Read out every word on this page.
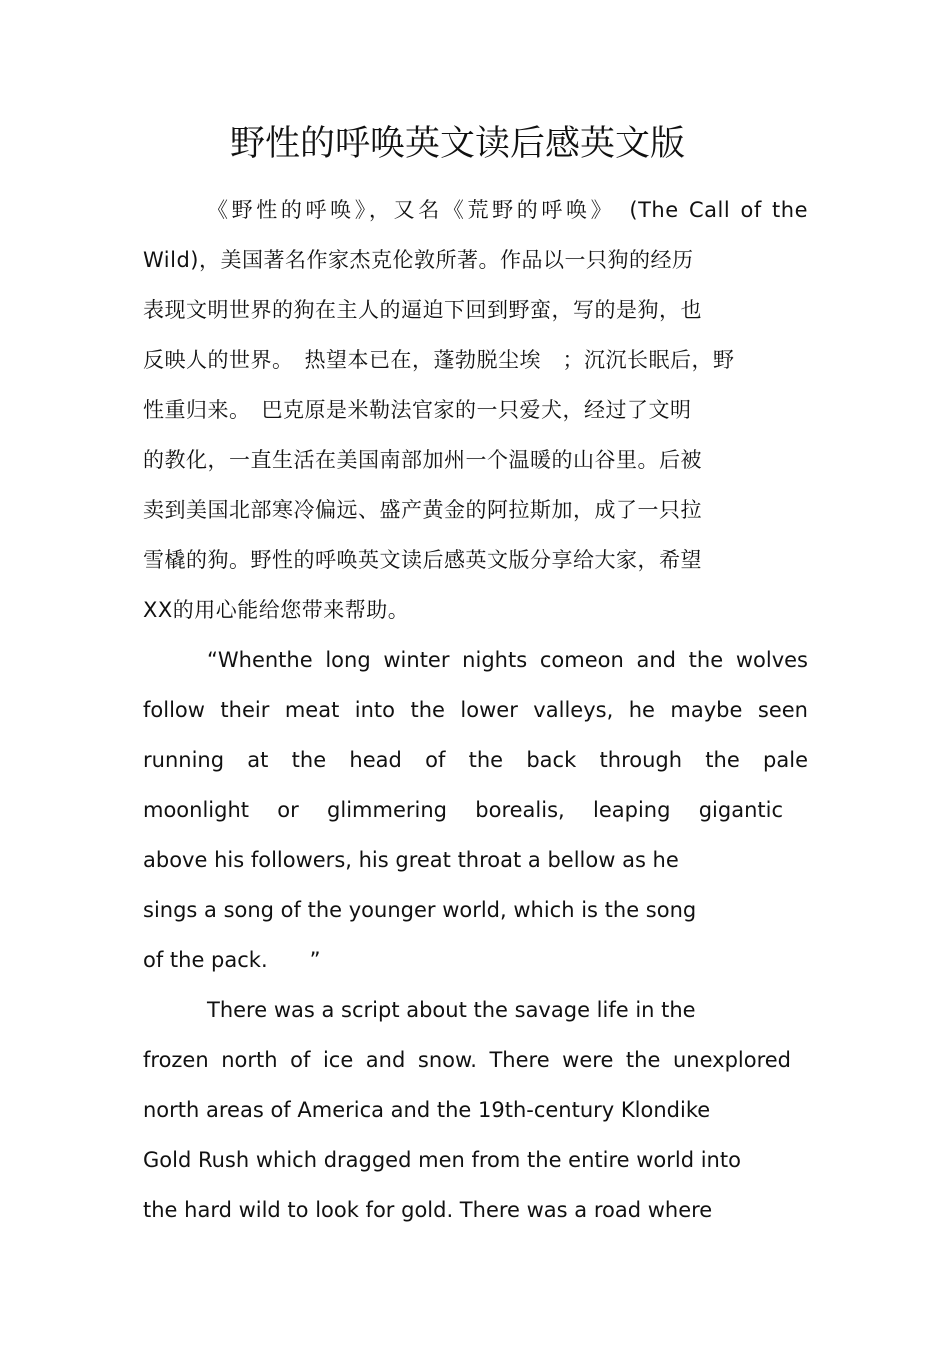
野性的呼唤英文读后感英文版
《野性的呼唤》，又名《荒野的呼唤》　(The Call of the
Wild)，美国著名作家杰克伦敦所著。作品以一只狗的经历
表现文明世界的狗在主人的逼迫下回到野蛮，写的是狗，也
反映人的世界。　热望本已在，蓬勃脱尘埃　；沉沉长眠后，野
性重归来。　巴克原是米勒法官家的一只爱犬，经过了文明
的教化，一直生活在美国南部加州一个温暖的山谷里。后被
卖到美国北部寒冷偏远、盛产黄金的阿拉斯加，成了一只拉
雪橇的狗。野性的呼唤英文读后感英文版分享给大家，希望
XX的用心能给您带来帮助。
“Whenthe long winter nights comeon and the wolves
follow their meat into the lower valleys, he maybe seen
running at the head of the back through the pale
moonlight or glimmering borealis, leaping gigantic
above his followers, his great throat a bellow as he
sings a song of the younger world, which is the song
of the pack.　　”
There was a script about the savage life in the
frozen north of ice and snow. There were the unexplored
north areas of America and the 19th-century Klondike
Gold Rush which dragged men from the entire world into
the hard wild to look for gold. There was a road where
